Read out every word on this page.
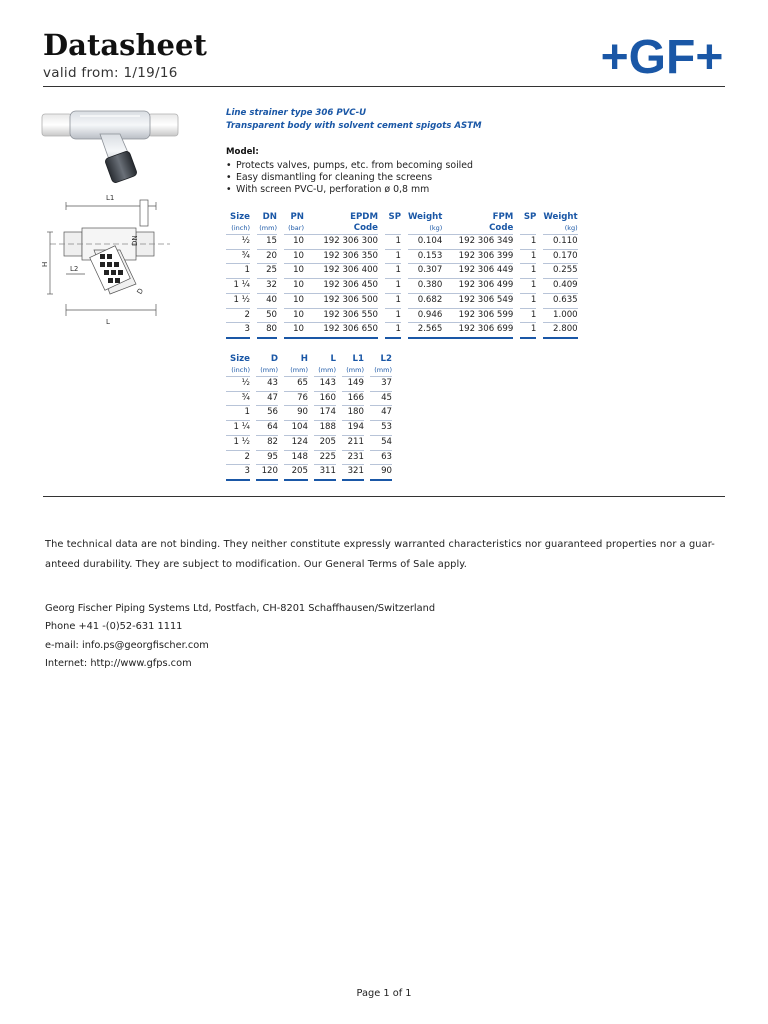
Datasheet
valid from: 1/19/16	+GF+
L1
H
L2
L
DN
D
Line strainer type 306 PVC-U
Transparent body with solvent cement spigots ASTM
Model:
• Protects valves, pumps, etc. from becoming soiled
• Easy dismantling for cleaning the screens
• With screen PVC-U, perforation ø 0,8 mm
Size		DN		PN	EPDM		SP		Weight	FPM		SP		Weight
(inch)		(mm)		(bar)	Code				(kg)	Code				(kg)
½		15		10	192 306 300		1		0.104	192 306 349		1		0.110
¾		20		10	192 306 350		1		0.153	192 306 399		1		0.170
1		25		10	192 306 400		1		0.307	192 306 449		1		0.255
1 ¼		32		10	192 306 450		1		0.380	192 306 499		1		0.409
1 ½		40		10	192 306 500		1		0.682	192 306 549		1		0.635
2		50		10	192 306 550		1		0.946	192 306 599		1		1.000
3		80		10	192 306 650		1		2.565	192 306 699		1		2.800
Size		D		H		L		L1		L2
(inch)		(mm)		(mm)		(mm)		(mm)		(mm)
½		43		65		143		149		37
¾		47		76		160		166		45
1		56		90		174		180		47
1 ¼		64		104		188		194		53
1 ½		82		124		205		211		54
2		95		148		225		231		63
3		120		205		311		321		90
The technical data are not binding. They neither constitute expressly warranted characteristics nor guaranteed properties nor a guar-
anteed durability. They are subject to modification. Our General Terms of Sale apply.
Georg Fischer Piping Systems Ltd, Postfach, CH-8201 Schaffhausen/Switzerland
Phone +41 -(0)52-631 1111
e-mail: info.ps@georgfischer.com
Internet: http://www.gfps.com
Page 1 of 1
